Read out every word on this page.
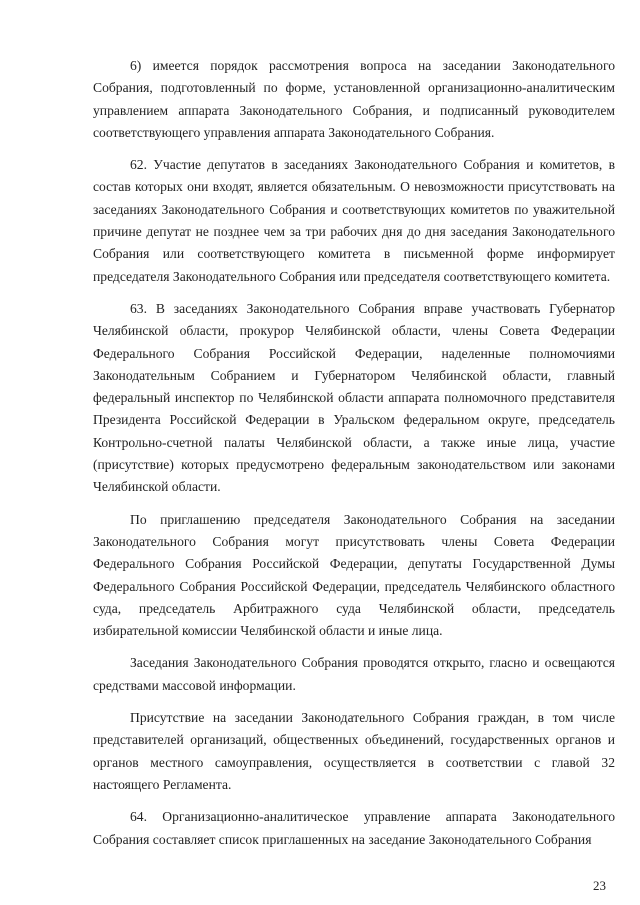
6) имеется порядок рассмотрения вопроса на заседании Законодательного Собрания, подготовленный по форме, установленной организационно-аналитическим управлением аппарата Законодательного Собрания, и подписанный руководителем соответствующего управления аппарата Законодательного Собрания.

62. Участие депутатов в заседаниях Законодательного Собрания и комитетов, в состав которых они входят, является обязательным. О невозможности присутствовать на заседаниях Законодательного Собрания и соответствующих комитетов по уважительной причине депутат не позднее чем за три рабочих дня до дня заседания Законодательного Собрания или соответствующего комитета в письменной форме информирует председателя Законодательного Собрания или председателя соответствующего комитета.

63. В заседаниях Законодательного Собрания вправе участвовать Губернатор Челябинской области, прокурор Челябинской области, члены Совета Федерации Федерального Собрания Российской Федерации, наделенные полномочиями Законодательным Собранием и Губернатором Челябинской области, главный федеральный инспектор по Челябинской области аппарата полномочного представителя Президента Российской Федерации в Уральском федеральном округе, председатель Контрольно-счетной палаты Челябинской области, а также иные лица, участие (присутствие) которых предусмотрено федеральным законодательством или законами Челябинской области.

По приглашению председателя Законодательного Собрания на заседании Законодательного Собрания могут присутствовать члены Совета Федерации Федерального Собрания Российской Федерации, депутаты Государственной Думы Федерального Собрания Российской Федерации, председатель Челябинского областного суда, председатель Арбитражного суда Челябинской области, председатель избирательной комиссии Челябинской области и иные лица.

Заседания Законодательного Собрания проводятся открыто, гласно и освещаются средствами массовой информации.

Присутствие на заседании Законодательного Собрания граждан, в том числе представителей организаций, общественных объединений, государственных органов и органов местного самоуправления, осуществляется в соответствии с главой 32 настоящего Регламента.

64. Организационно-аналитическое управление аппарата Законодательного Собрания составляет список приглашенных на заседание Законодательного Собрания

23
